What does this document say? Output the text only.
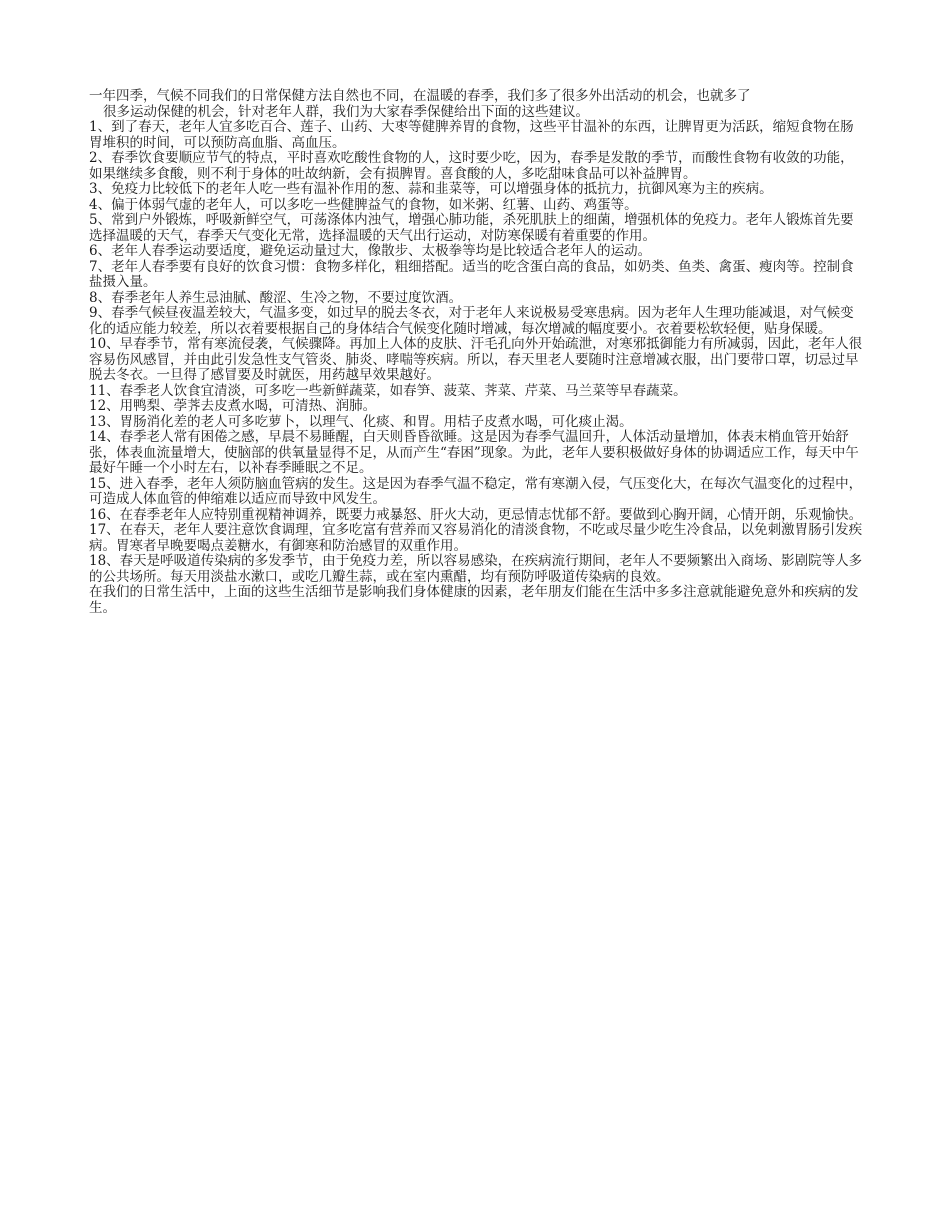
一年四季，气候不同我们的日常保健方法自然也不同，在温暖的春季，我们多了很多外出活动的机会，也就多了
很多运动保健的机会，针对老年人群，我们为大家春季保健给出下面的这些建议。

1、到了春天，老年人宜多吃百合、莲子、山药、大枣等健脾养胃的食物，这些平甘温补的东西，让脾胃更为活跃，缩短食物在肠胃堆积的时间，可以预防高血脂、高血压。

2、春季饮食要顺应节气的特点，平时喜欢吃酸性食物的人，这时要少吃，因为，春季是发散的季节，而酸性食物有收敛的功能，如果继续多食酸，则不利于身体的吐故纳新，会有损脾胃。喜食酸的人，多吃甜味食品可以补益脾胃。

3、免疫力比较低下的老年人吃一些有温补作用的葱、蒜和韭菜等，可以增强身体的抵抗力，抗御风寒为主的疾病。

4、偏于体弱气虚的老年人，可以多吃一些健脾益气的食物，如米粥、红薯、山药、鸡蛋等。

5、常到户外锻炼，呼吸新鲜空气，可荡涤体内浊气，增强心肺功能，杀死肌肤上的细菌，增强机体的免疫力。老年人锻炼首先要选择温暖的天气，春季天气变化无常，选择温暖的天气出行运动，对防寒保暖有着重要的作用。

6、老年人春季运动要适度，避免运动量过大，像散步、太极拳等均是比较适合老年人的运动。

7、老年人春季要有良好的饮食习惯：食物多样化，粗细搭配。适当的吃含蛋白高的食品，如奶类、鱼类、禽蛋、瘦肉等。控制食盐摄入量。

8、春季老年人养生忌油腻、酸涩、生冷之物，不要过度饮酒。

9、春季气候昼夜温差较大，气温多变，如过早的脱去冬衣，对于老年人来说极易受寒患病。因为老年人生理功能减退，对气候变化的适应能力较差，所以衣着要根据自己的身体结合气候变化随时增减，每次增减的幅度要小。衣着要松软轻便，贴身保暖。

10、早春季节，常有寒流侵袭，气候骤降。再加上人体的皮肤、汗毛孔向外开始疏泄，对寒邪抵御能力有所减弱，因此，老年人很容易伤风感冒，并由此引发急性支气管炎、肺炎、哮喘等疾病。所以，春天里老人要随时注意增减衣服，出门要带口罩，切忌过早脱去冬衣。一旦得了感冒要及时就医，用药越早效果越好。

11、春季老人饮食宜清淡，可多吃一些新鲜蔬菜，如春笋、菠菜、荠菜、芹菜、马兰菜等早春蔬菜。

12、用鸭梨、荸荠去皮煮水喝，可清热、润肺。

13、胃肠消化差的老人可多吃萝卜，以理气、化痰、和胃。用桔子皮煮水喝，可化痰止渴。

14、春季老人常有困倦之感，早晨不易睡醒，白天则昏昏欲睡。这是因为春季气温回升，人体活动量增加，体表末梢血管开始舒张，体表血流量增大，使脑部的供氧量显得不足，从而产生“春困”现象。为此，老年人要积极做好身体的协调适应工作，每天中午最好午睡一个小时左右，以补春季睡眠之不足。

15、进入春季，老年人须防脑血管病的发生。这是因为春季气温不稳定，常有寒潮入侵，气压变化大，在每次气温变化的过程中，可造成人体血管的伸缩难以适应而导致中风发生。

16、在春季老年人应特别重视精神调养，既要力戒暴怒、肝火大动，更忌情志忧郁不舒。要做到心胸开阔，心情开朗，乐观愉快。

17、在春天，老年人要注意饮食调理，宜多吃富有营养而又容易消化的清淡食物，不吃或尽量少吃生冷食品，以免刺激胃肠引发疾病。胃寒者早晚要喝点姜糖水，有御寒和防治感冒的双重作用。

18、春天是呼吸道传染病的多发季节，由于免疫力差，所以容易感染，在疾病流行期间，老年人不要频繁出入商场、影剧院等人多的公共场所。每天用淡盐水漱口，或吃几瓣生蒜，或在室内熏醋，均有预防呼吸道传染病的良效。

在我们的日常生活中，上面的这些生活细节是影响我们身体健康的因素，老年朋友们能在生活中多多注意就能避免意外和疾病的发生。
